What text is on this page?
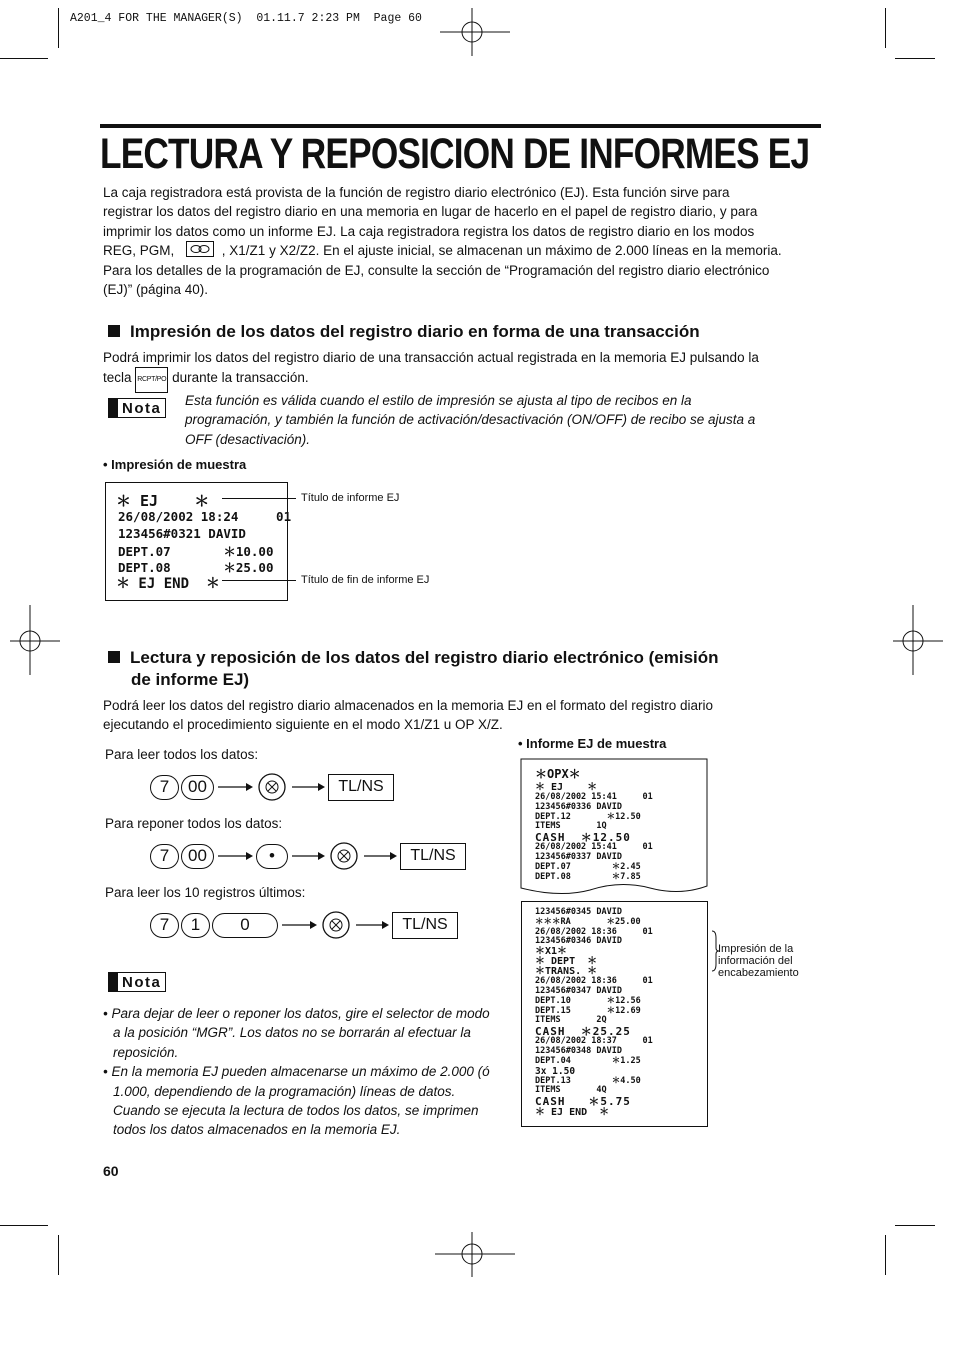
A201_4 FOR THE MANAGER(S)  01.11.7 2:23 PM  Page 60
LECTURA Y REPOSICION DE INFORMES EJ
La caja registradora está provista de la función de registro diario electrónico (EJ). Esta función sirve para
registrar los datos del registro diario en una memoria en lugar de hacerlo en el papel de registro diario, y para
imprimir los datos como un informe EJ. La caja registradora registra los datos de registro diario en los modos
REG, PGM,	, X1/Z1 y X2/Z2. En el ajuste inicial, se almacenan un máximo de 2.000 líneas en la memoria.
Para los detalles de la programación de EJ, consulte la sección de “Programación del registro diario electrónico
(EJ)” (página 40).
Impresión de los datos del registro diario en forma de una transacción
Podrá imprimir los datos del registro diario de una transacción actual registrada en la memoria EJ pulsando la
tecla RCPT/PO durante la transacción.
Nota	Esta función es válida cuando el estilo de impresión se ajusta al tipo de recibos en la
programación, y también la función de activación/desactivación (ON/OFF) de recibo se ajusta a
OFF (desactivación).
• Impresión de muestra
＊ EJ    ＊
26/08/2002 18:24     01
123456#0321 DAVID
DEPT.07       ＊10.00
DEPT.08       ＊25.00
＊ EJ END  ＊
Título de informe EJ
Título de fin de informe EJ
Lectura y reposición de los datos del registro diario electrónico (emisión
de informe EJ)
Podrá leer los datos del registro diario almacenados en la memoria EJ en el formato del registro diario
ejecutando el procedimiento siguiente en el modo X1/Z1 u OP X/Z.
Para leer todos los datos:
7	00	TL/NS
Para reponer todos los datos:
7	00	•	TL/NS
Para leer los 10 registros últimos:
7	1	0	TL/NS
Nota
• Para dejar de leer o reponer los datos, gire el selector de modo
a la posición “MGR”. Los datos no se borrarán al efectuar la
reposición.
• En la memoria EJ pueden almacenarse un máximo de 2.000 (ó
1.000, dependiendo de la programación) líneas de datos.
Cuando se ejecuta la lectura de todos los datos, se imprimen
todos los datos almacenados en la memoria EJ.
• Informe EJ de muestra
＊OPX＊
＊ EJ    ＊
26/08/2002 15:41     01
123456#0336 DAVID
DEPT.12       ＊12.50
ITEMS       1Q
CASH  ＊12.50
26/08/2002 15:41     01
123456#0337 DAVID
DEPT.07        ＊2.45
DEPT.08        ＊7.85
123456#0345 DAVID
＊＊＊RA       ＊25.00
26/08/2002 18:36     01
123456#0346 DAVID
＊X1＊
＊ DEPT  ＊
＊TRANS. ＊
26/08/2002 18:36     01
123456#0347 DAVID
DEPT.10       ＊12.56
DEPT.15       ＊12.69
ITEMS       2Q
CASH  ＊25.25
26/08/2002 18:37     01
123456#0348 DAVID
DEPT.04        ＊1.25
3x 1.50
DEPT.13        ＊4.50
ITEMS       4Q
CASH   ＊5.75
＊ EJ END  ＊
Impresión de la
información del
encabezamiento
60
